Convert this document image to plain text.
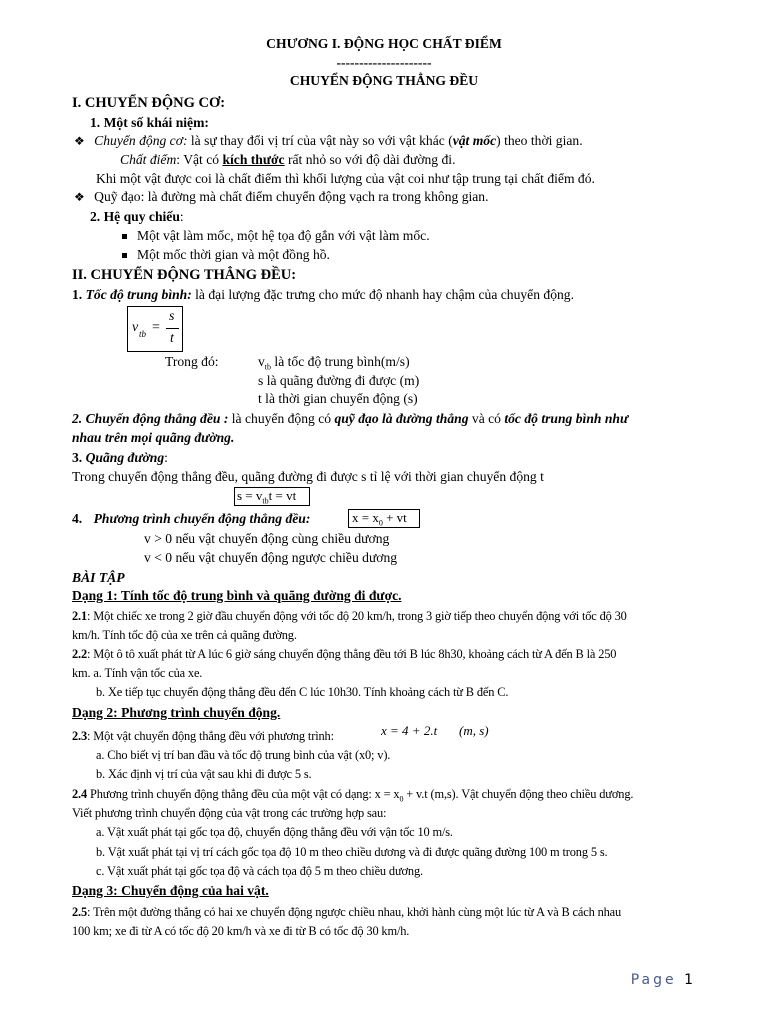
CHƯƠNG I. ĐỘNG HỌC CHẤT ĐIỂM
---------------------
CHUYỂN ĐỘNG THẲNG ĐỀU
I. CHUYỂN ĐỘNG CƠ:
1. Một số khái niệm:
❖ Chuyển động cơ: là sự thay đổi vị trí của vật này so với vật khác (vật mốc) theo thời gian.
Chất điểm: Vật có kích thước rất nhỏ so với độ dài đường đi.
Khi một vật được coi là chất điểm thì khối lượng của vật coi như tập trung tại chất điểm đó.
❖ Quỹ đạo: là đường mà chất điểm chuyển động vạch ra trong không gian.
2. Hệ quy chiếu:
Một vật làm mốc, một hệ tọa độ gắn với vật làm mốc.
Một mốc thời gian và một đồng hồ.
II. CHUYỂN ĐỘNG THẲNG ĐỀU:
1. Tốc độ trung bình: là đại lượng đặc trưng cho mức độ nhanh hay chậm của chuyển động.
v tb =
s
t
Trong đó:	$v_{tb}$ là tốc độ trung bình(m/s)
s là quãng đường đi được (m)
t là thời gian chuyển động (s)
2. Chuyển động thẳng đều : là chuyển động có quỹ đạo là đường thẳng và có tốc độ trung bình như
nhau trên mọi quãng đường.
3. Quãng đường:
Trong chuyển động thẳng đều, quãng đường đi được s tỉ lệ với thời gian chuyển động t
$s = v_{tb}t$ = vt
4. Phương trình chuyển động thẳng đều:	$x = x_0$ + vt
v > 0 nếu vật chuyển động cùng chiều dương
v < 0 nếu vật chuyển động ngược chiều dương
BÀI TẬP
Dạng 1: Tính tốc độ trung bình và quãng đường đi được.
2.1: Một chiếc xe trong 2 giờ đầu chuyển động với tốc độ 20 km/h, trong 3 giờ tiếp theo chuyển động với tốc độ 30
km/h. Tính tốc độ của xe trên cả quãng đường.
2.2: Một ô tô xuất phát từ A lúc 6 giờ sáng chuyển động thẳng đều tới B lúc 8h30, khoảng cách từ A đến B là 250
km. a. Tính vận tốc của xe.
b. Xe tiếp tục chuyển động thẳng đều đến C lúc 10h30. Tính khoảng cách từ B đến C.
Dạng 2: Phương trình chuyển động.
2.3: Một vật chuyển động thẳng đều với phương trình:	x = 4 + 2.t (m, s)
a. Cho biết vị trí ban đầu và tốc độ trung bình của vật (x0; v).
b. Xác định vị trí của vật sau khi đi được 5 s.
2.4 Phương trình chuyển động thẳng đều của một vật có dạng: $x = x_0 + v.t$ (m,s). Vật chuyển động theo chiều dương.
Viết phương trình chuyển động của vật trong các trường hợp sau:
a. Vật xuất phát tại gốc tọa độ, chuyển động thẳng đều với vận tốc 10 m/s.
b. Vật xuất phát tại vị trí cách gốc tọa độ 10 m theo chiều dương và đi được quãng đường 100 m trong 5 s.
c. Vật xuất phát tại gốc tọa độ và cách tọa độ 5 m theo chiều dương.
Dạng 3: Chuyển động của hai vật.
2.5: Trên một đường thẳng có hai xe chuyển động ngược chiều nhau, khởi hành cùng một lúc từ A và B cách nhau
100 km; xe đi từ A có tốc độ 20 km/h và xe đi từ B có tốc độ 30 km/h.
Page 1
